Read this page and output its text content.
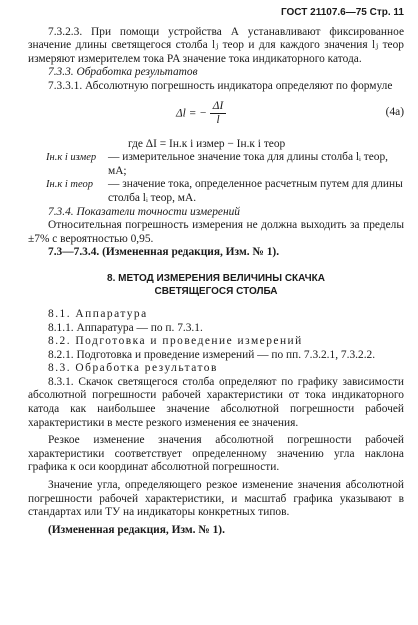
ГОСТ 21107.6—75 Стр. 11

7.3.2.3. При помощи устройства А устанавливают фиксированное значение длины светящегося столба lⱼ теор и для каждого значения lⱼ теор измеряют измерителем тока PA значение тока индикаторного катода.

7.3.3. Обработка результатов

7.3.3.1. Абсолютную погрешность индикатора определяют по формуле

Δl = − $\frac{\Delta I}{l}$	(4a)

где ΔI = Iн.к i измер − Iн.к i теор

Iн.к i измер	— измерительное значение тока для длины столба lᵢ теор, мА;
Iн.к i теор	— значение тока, определенное расчетным путем для длины столба lᵢ теор, мА.

7.3.4. Показатели точности измерений

Относительная погрешность измерения не должна выходить за пределы ±7% с вероятностью 0,95.

7.3—7.3.4. (Измененная редакция, Изм. № 1).

8. МЕТОД ИЗМЕРЕНИЯ ВЕЛИЧИНЫ СКАЧКА
СВЕТЯЩЕГОСЯ СТОЛБА

8.1. Аппаратура

8.1.1. Аппаратура — по п. 7.3.1.

8.2. Подготовка и проведение измерений

8.2.1. Подготовка и проведение измерений — по пп. 7.3.2.1, 7.3.2.2.

8.3. Обработка результатов

8.3.1. Скачок светящегося столба определяют по графику зависимости абсолютной погрешности рабочей характеристики от тока индикаторного катода как наибольшее значение абсолютной погрешности рабочей характеристики в месте резкого изменения ее значения.

Резкое изменение значения абсолютной погрешности рабочей характеристики соответствует определенному значению угла наклона графика к оси координат абсолютной погрешности.

Значение угла, определяющего резкое изменение значения абсолютной погрешности рабочей характеристики, и масштаб графика указывают в стандартах или ТУ на индикаторы конкретных типов.

(Измененная редакция, Изм. № 1).
